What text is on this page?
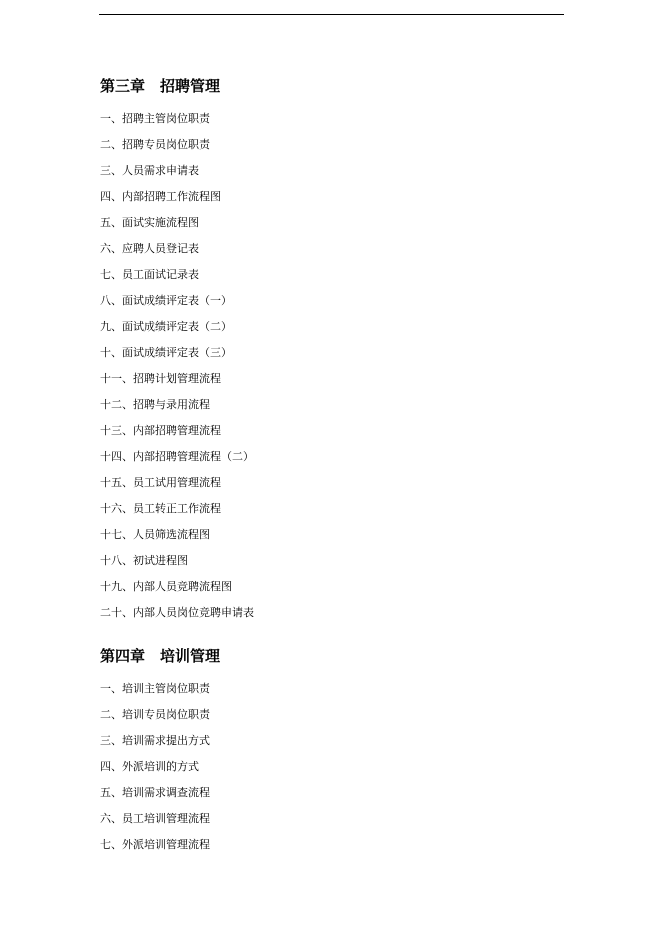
第三章　招聘管理
一、招聘主管岗位职责
二、招聘专员岗位职责
三、人员需求申请表
四、内部招聘工作流程图
五、面试实施流程图
六、应聘人员登记表
七、员工面试记录表
八、面试成绩评定表（一）
九、面试成绩评定表（二）
十、面试成绩评定表（三）
十一、招聘计划管理流程
十二、招聘与录用流程
十三、内部招聘管理流程
十四、内部招聘管理流程（二）
十五、员工试用管理流程
十六、员工转正工作流程
十七、人员筛选流程图
十八、初试进程图
十九、内部人员竞聘流程图
二十、内部人员岗位竞聘申请表
第四章　培训管理
一、培训主管岗位职责
二、培训专员岗位职责
三、培训需求提出方式
四、外派培训的方式
五、培训需求调查流程
六、员工培训管理流程
七、外派培训管理流程
